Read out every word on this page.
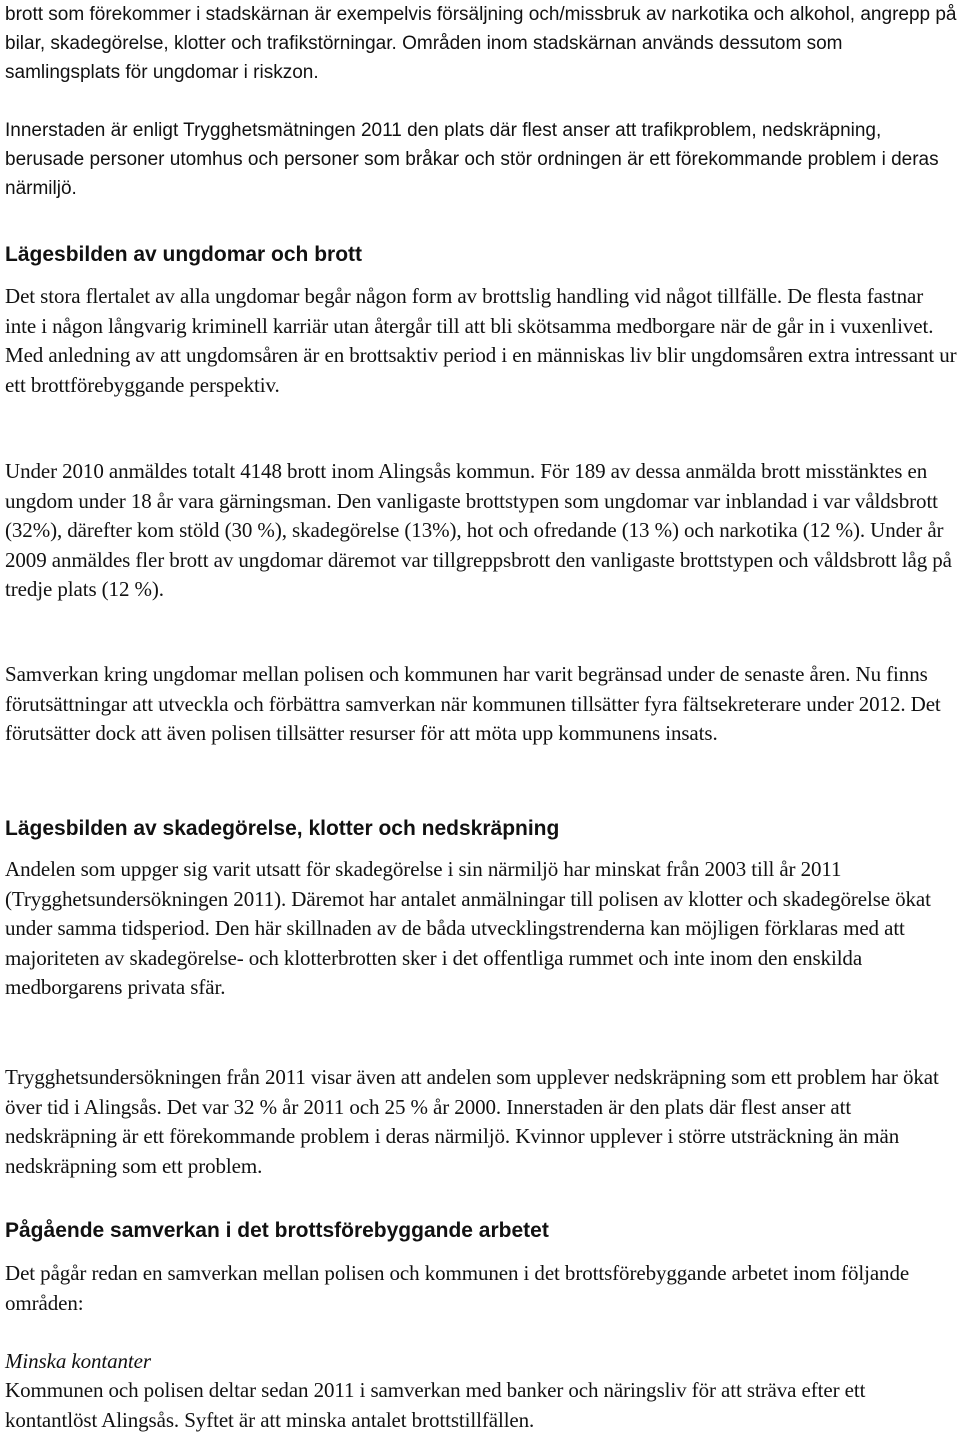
brott som förekommer i stadskärnan är exempelvis försäljning och/missbruk av narkotika och alkohol, angrepp på bilar, skadegörelse, klotter och trafikstörningar. Områden inom stadskärnan används dessutom som samlingsplats för ungdomar i riskzon.

Innerstaden är enligt Trygghetsmätningen 2011 den plats där flest anser att trafikproblem, nedskräpning, berusade personer utomhus och personer som bråkar och stör ordningen är ett förekommande problem i deras närmiljö.

Lägesbilden av ungdomar och brott

Det stora flertalet av alla ungdomar begår någon form av brottslig handling vid något tillfälle. De flesta fastnar inte i någon långvarig kriminell karriär utan återgår till att bli skötsamma medborgare när de går in i vuxenlivet. Med anledning av att ungdomsåren är en brottsaktiv period i en människas liv blir ungdomsåren extra intressant ur ett brottförebyggande perspektiv.

Under 2010 anmäldes totalt 4148 brott inom Alingsås kommun. För 189 av dessa anmälda brott misstänktes en ungdom under 18 år vara gärningsman. Den vanligaste brottstypen som ungdomar var inblandad i var våldsbrott (32%), därefter kom stöld (30 %), skadegörelse (13%), hot och ofredande (13 %) och narkotika (12 %). Under år 2009 anmäldes fler brott av ungdomar däremot var tillgreppsbrott den vanligaste brottstypen och våldsbrott låg på tredje plats (12 %).

Samverkan kring ungdomar mellan polisen och kommunen har varit begränsad under de senaste åren. Nu finns förutsättningar att utveckla och förbättra samverkan när kommunen tillsätter fyra fältsekreterare under 2012. Det förutsätter dock att även polisen tillsätter resurser för att möta upp kommunens insats.

Lägesbilden av skadegörelse, klotter och nedskräpning

Andelen som uppger sig varit utsatt för skadegörelse i sin närmiljö har minskat från 2003 till år 2011 (Trygghetsundersökningen 2011). Däremot har antalet anmälningar till polisen av klotter och skadegörelse ökat under samma tidsperiod. Den här skillnaden av de båda utvecklingstrenderna kan möjligen förklaras med att majoriteten av skadegörelse- och klotterbrotten sker i det offentliga rummet och inte inom den enskilda medborgarens privata sfär.

Trygghetsundersökningen från 2011 visar även att andelen som upplever nedskräpning som ett problem har ökat över tid i Alingsås. Det var 32 % år 2011 och 25 % år 2000. Innerstaden är den plats där flest anser att nedskräpning är ett förekommande problem i deras närmiljö. Kvinnor upplever i större utsträckning än män nedskräpning som ett problem.

Pågående samverkan i det brottsförebyggande arbetet

Det pågår redan en samverkan mellan polisen och kommunen i det brottsförebyggande arbetet inom följande områden:

Minska kontanter

Kommunen och polisen deltar sedan 2011 i samverkan med banker och näringsliv för att sträva efter ett kontantlöst Alingsås. Syftet är att minska antalet brottstillfällen.
